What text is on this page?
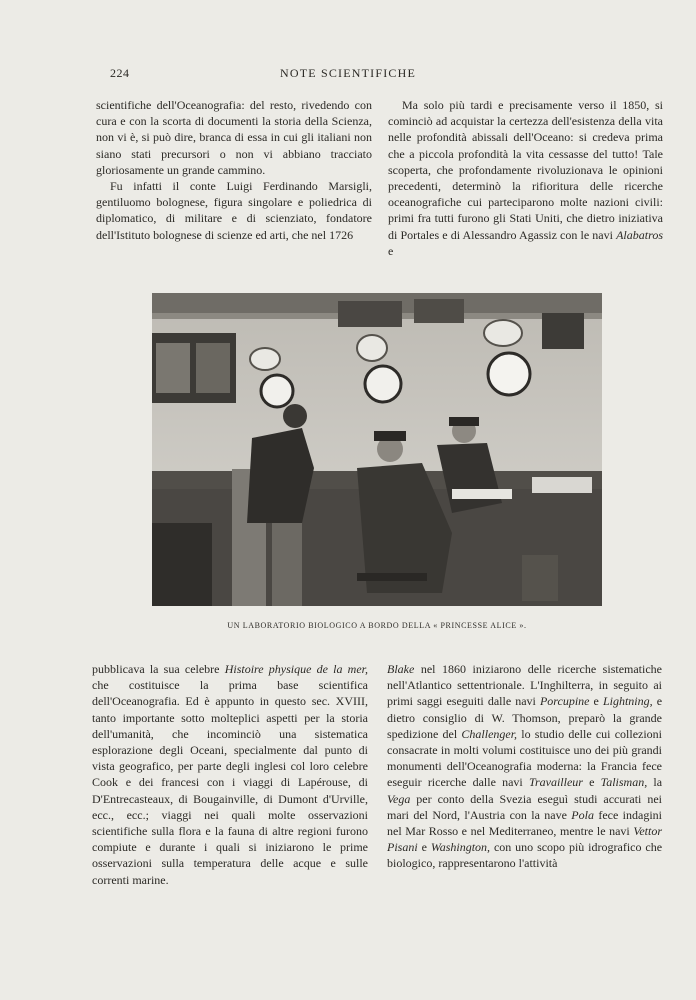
224	NOTE SCIENTIFICHE

scientifiche dell'Oceanografia: del resto, rivedendo con cura e con la scorta di documenti la storia della Scienza, non vi è, si può dire, branca di essa in cui gli italiani non siano stati precursori o non vi abbiano tracciato gloriosamente un grande cammino.

Fu infatti il conte Luigi Ferdinando Marsigli, gentiluomo bolognese, figura singolare e poliedrica di diplomatico, di militare e di scienziato, fondatore dell'Istituto bolognese di scienze ed arti, che nel 1726

Ma solo più tardi e precisamente verso il 1850, si cominciò ad acquistar la certezza dell'esistenza della vita nelle profondità abissali dell'Oceano: si credeva prima che a piccola profondità la vita cessasse del tutto! Tale scoperta, che profondamente rivoluzionava le opinioni precedenti, determinò la rifioritura delle ricerche oceanografiche cui parteciparono molte nazioni civili: primi fra tutti furono gli Stati Uniti, che dietro iniziativa di Portales e di Alessandro Agassiz con le navi Alabatros e

UN LABORATORIO BIOLOGICO A BORDO DELLA « PRINCESSE ALICE ».

pubblicava la sua celebre Histoire physique de la mer, che costituisce la prima base scientifica dell'Oceanografia. Ed è appunto in questo sec. XVIII, tanto importante sotto molteplici aspetti per la storia dell'umanità, che incominciò una sistematica esplorazione degli Oceani, specialmente dal punto di vista geografico, per parte degli inglesi col loro celebre Cook e dei francesi con i viaggi di Lapérouse, di D'Entrecasteaux, di Bougainville, di Dumont d'Urville, ecc., ecc.; viaggi nei quali molte osservazioni scientifiche sulla flora e la fauna di altre regioni furono compiute e durante i quali si iniziarono le prime osservazioni sulla temperatura delle acque e sulle correnti marine.

Blake nel 1860 iniziarono delle ricerche sistematiche nell'Atlantico settentrionale. L'Inghilterra, in seguito ai primi saggi eseguiti dalle navi Porcupine e Lightning, e dietro consiglio di W. Thomson, preparò la grande spedizione del Challenger, lo studio delle cui collezioni consacrate in molti volumi costituisce uno dei più grandi monumenti dell'Oceanografia moderna: la Francia fece eseguir ricerche dalle navi Travailleur e Talisman, la Vega per conto della Svezia eseguì studi accurati nei mari del Nord, l'Austria con la nave Pola fece indagini nel Mar Rosso e nel Mediterraneo, mentre le navi Vettor Pisani e Washington, con uno scopo più idrografico che biologico, rappresentarono l'attività
